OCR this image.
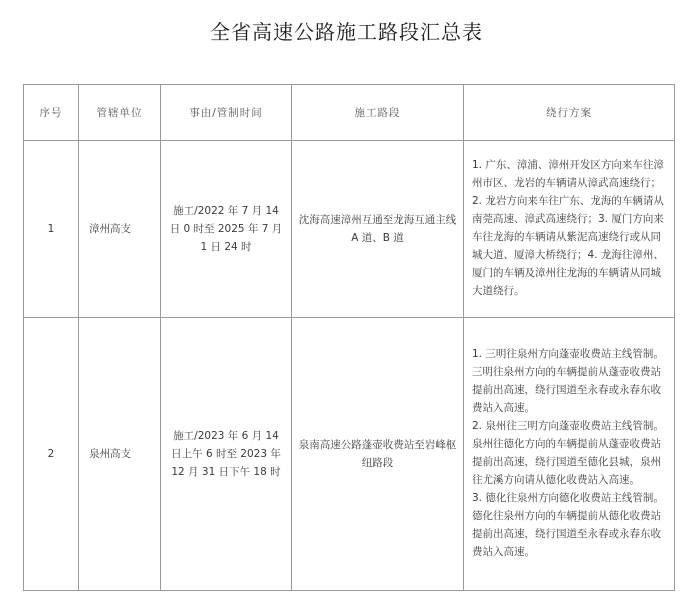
全省高速公路施工路段汇总表
序号	管辖单位	事由/管制时间	施工路段	绕行方案
1	漳州高支	施工/2022 年 7 月 14 日 0 时至 2025 年 7 月 1 日 24 时	沈海高速漳州互通至龙海互通主线 A 道、B 道	1. 广东、漳浦、漳州开发区方向来车往漳州市区、龙岩的车辆请从漳武高速绕行；2. 龙岩方向来车往广东、龙海的车辆请从南莞高速、漳武高速绕行；3. 厦门方向来车往龙海的车辆请从紫泥高速绕行或从同城大道、厦漳大桥绕行；4. 龙海往漳州、厦门的车辆及漳州往龙海的车辆请从同城大道绕行。
2	泉州高支	施工/2023 年 6 月 14 日上午 6 时至 2023 年 12 月 31 日下午 18 时	泉南高速公路蓬壶收费站至岩峰枢纽路段	1. 三明往泉州方向蓬壶收费站主线管制。三明往泉州方向的车辆提前从蓬壶收费站提前出高速，绕行国道至永春或永春东收费站入高速。
2. 泉州往三明方向蓬壶收费站主线管制。泉州往德化方向的车辆提前从蓬壶收费站提前出高速，绕行国道至德化县城，泉州往尤溪方向请从德化收费站入高速。
3. 德化往泉州方向德化收费站主线管制。德化往泉州方向的车辆提前从德化收费站提前出高速，绕行国道至永春或永春东收费站入高速。
